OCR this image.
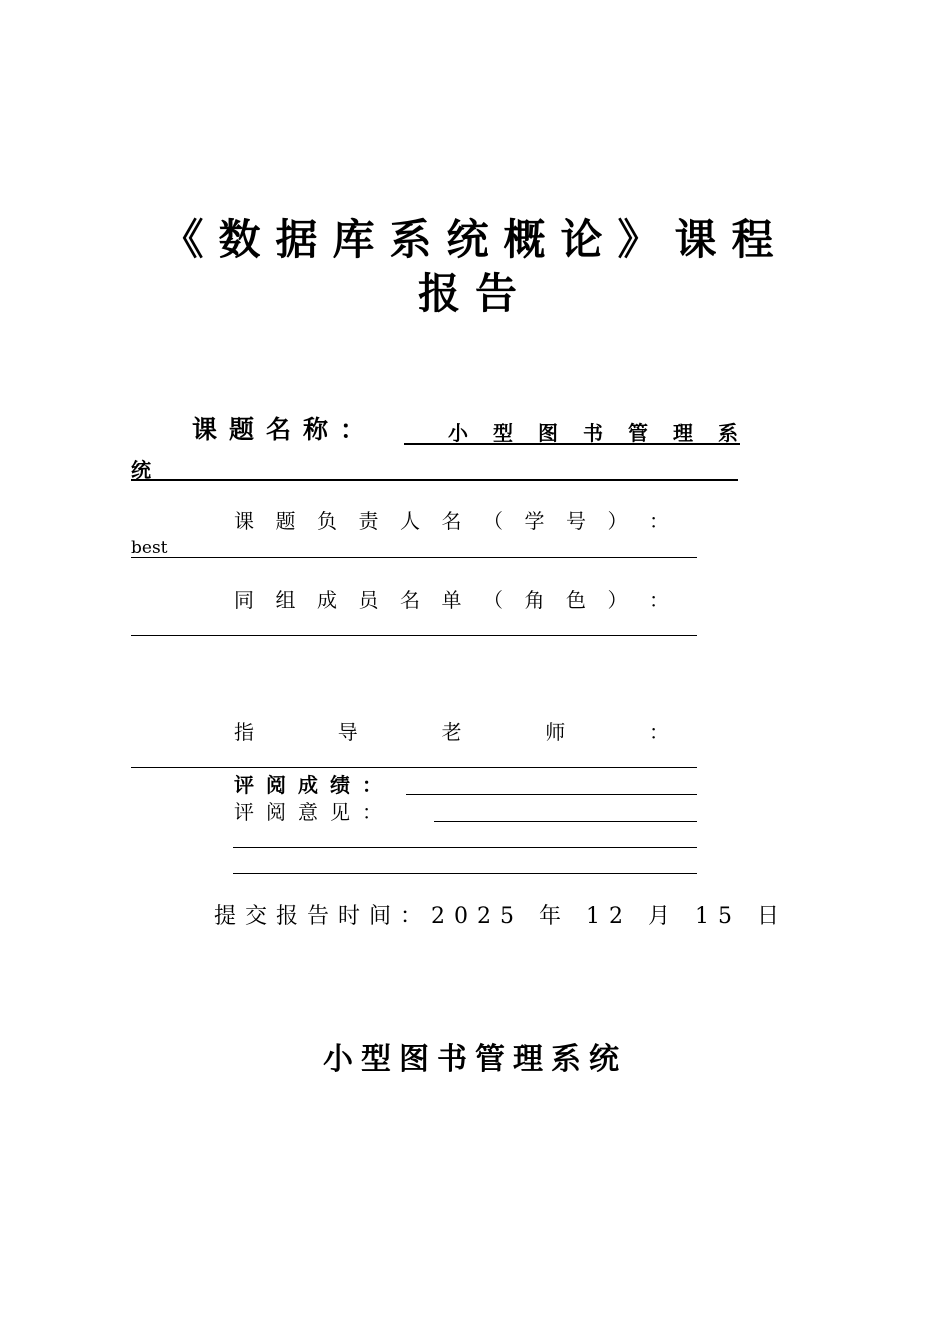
《数据库系统概论》课程
报告
课题名称：	小型图书管理系
统
课 题 负 责 人 名 （ 学 号 ） ：
best
同 组 成 员 名 单 （ 角 色 ） ：
指	导	老	师	：
评阅成绩：
评阅意见：
提交报告时间：2025 年 12 月 15 日
小型图书管理系统
